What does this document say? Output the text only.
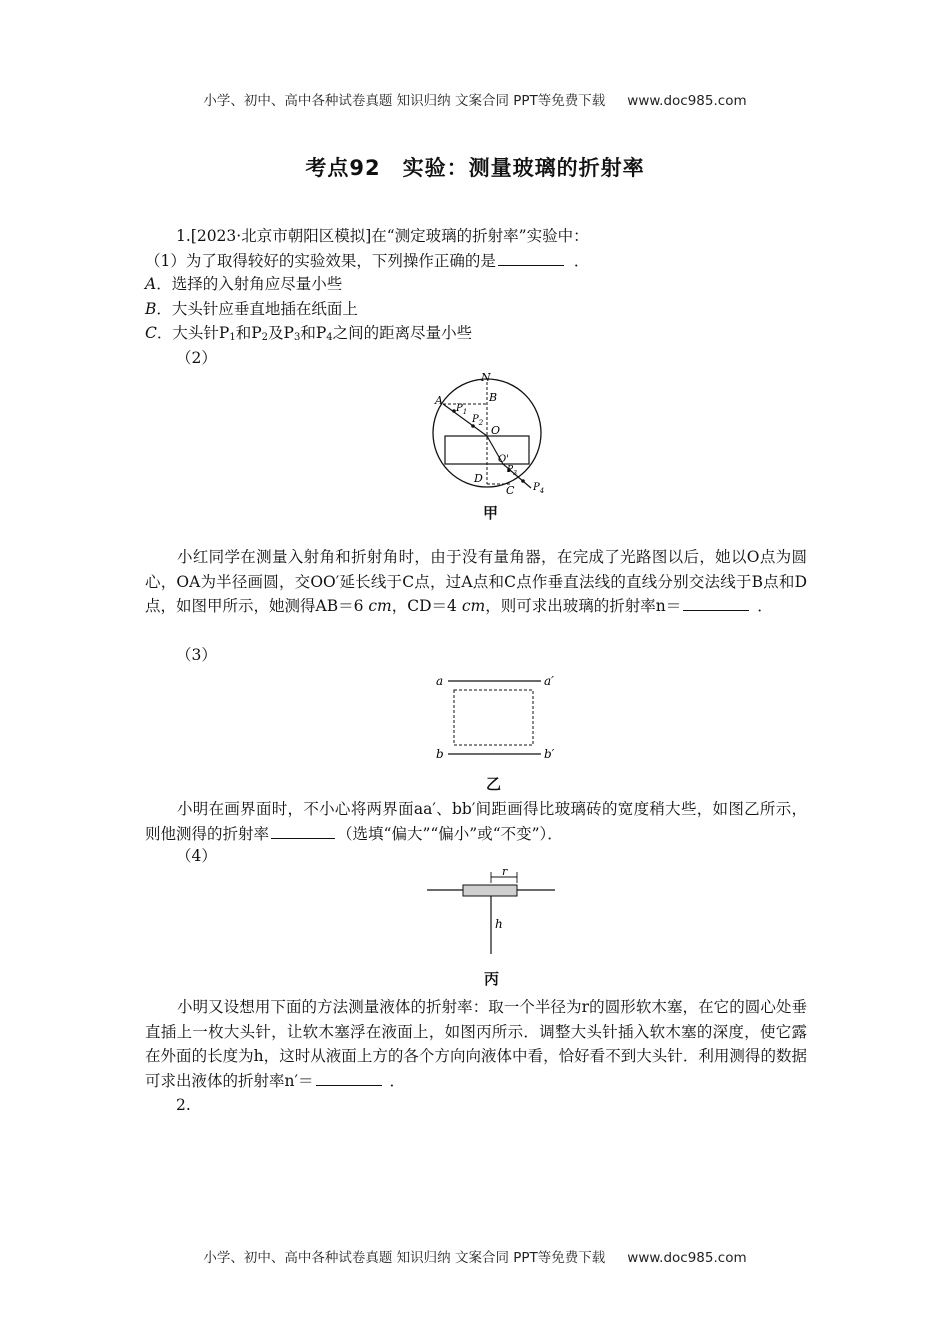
小学、初中、高中各种试卷真题 知识归纳 文案合同 PPT等免费下载 www.doc985.com
考点92 实验：测量玻璃的折射率
1.[2023·北京市朝阳区模拟]在“测定玻璃的折射率”实验中：
（1）为了取得较好的实验效果，下列操作正确的是	．
A．选择的入射角应尽量小些
B．大头针应垂直地插在纸面上
C．大头针$P_1$和$P_2$及$P_3$和$P_4$之间的距离尽量小些
（2）
N
A	B
$P_1$
$P_2$
O
O'
$P_3$
D
C $P_4$
甲
小红同学在测量入射角和折射角时，由于没有量角器，在完成了光路图以后，她以O点为圆心，OA为半径画圆，交OO′延长线于C点，过A点和C点作垂直法线的直线分别交法线于B点和D点，如图甲所示，她测得AB＝6 cm，CD＝4 cm，则可求出玻璃的折射率n＝	．
（3）
a	a′
b	b′
乙
小明在画界面时，不小心将两界面aa′、bb′间距画得比玻璃砖的宽度稍大些，如图乙所示，则他测得的折射率	（选填“偏大”“偏小”或“不变”）．
（4）
r
h
丙
小明又设想用下面的方法测量液体的折射率：取一个半径为r的圆形软木塞，在它的圆心处垂直插上一枚大头针，让软木塞浮在液面上，如图丙所示．调整大头针插入软木塞的深度，使它露在外面的长度为h，这时从液面上方的各个方向向液体中看，恰好看不到大头针．利用测得的数据可求出液体的折射率n′＝	．
2.
小学、初中、高中各种试卷真题 知识归纳 文案合同 PPT等免费下载 www.doc985.com
